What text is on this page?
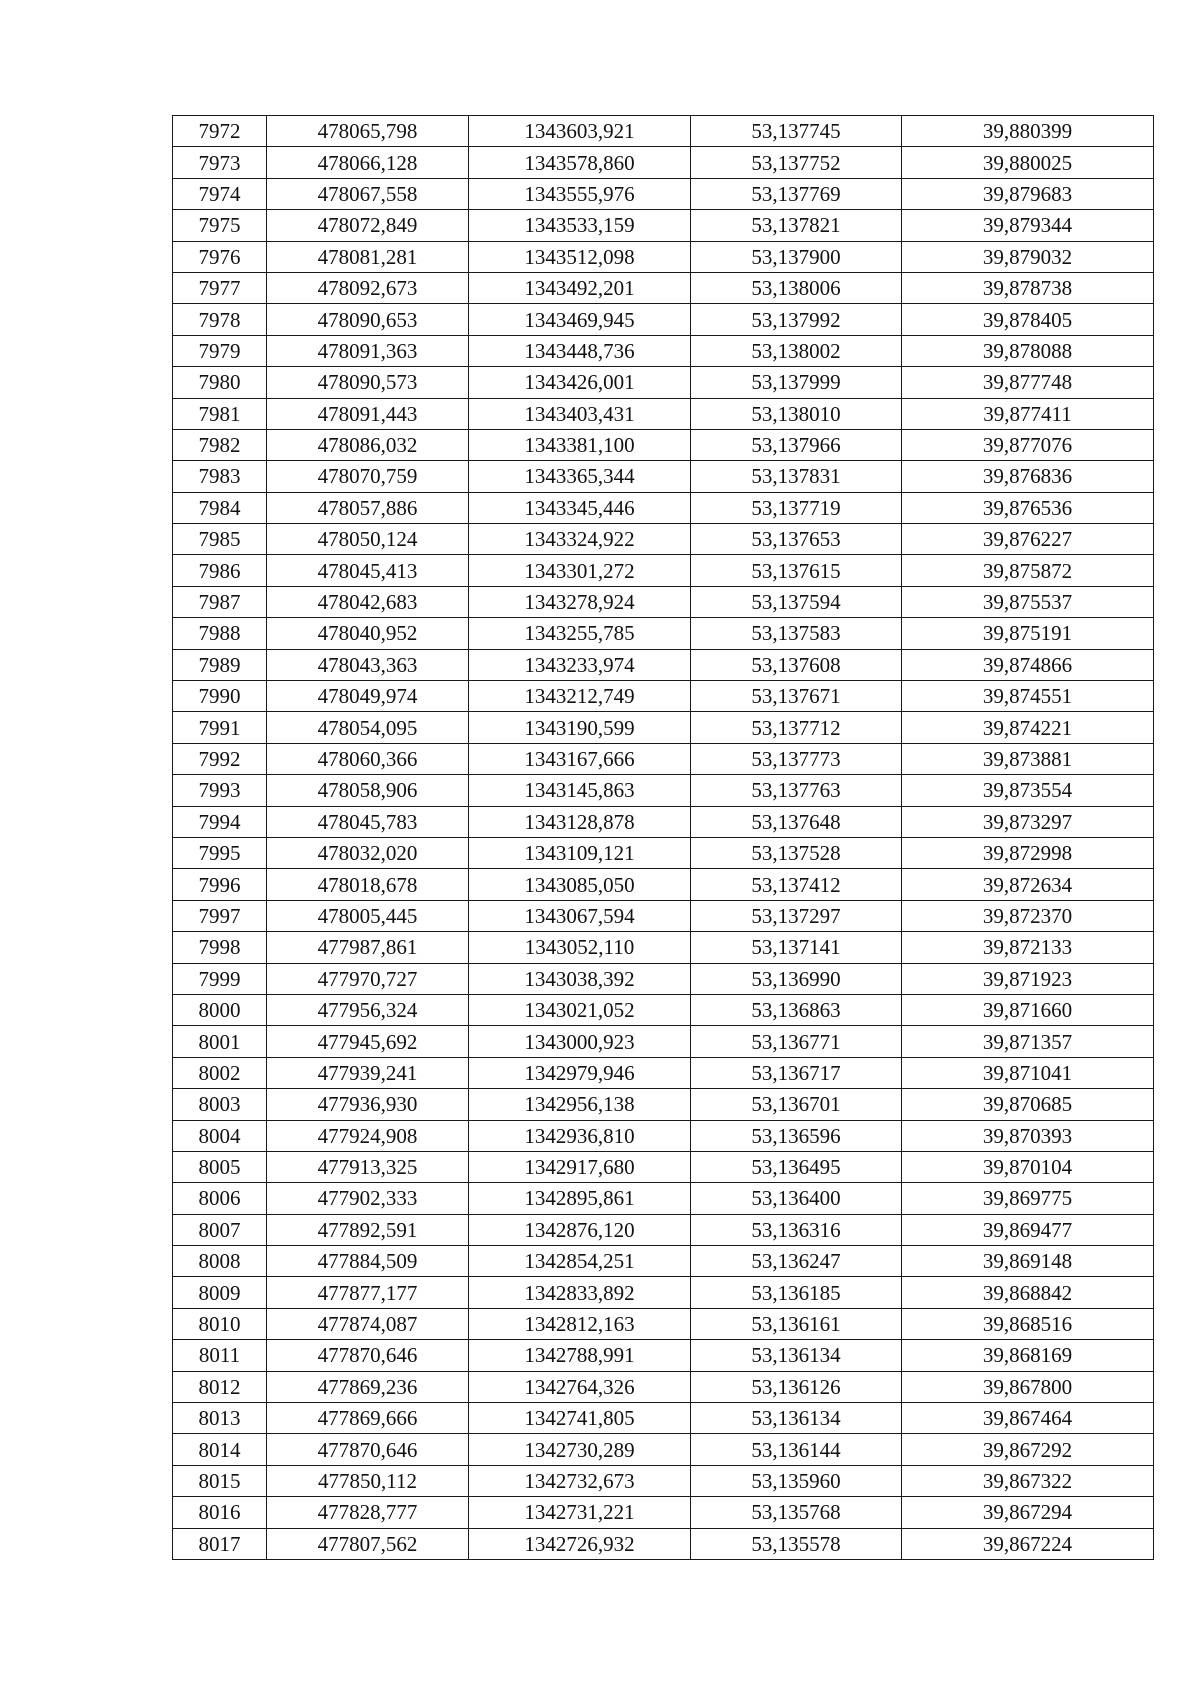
7972	478065,798	1343603,921	53,137745	39,880399
7973	478066,128	1343578,860	53,137752	39,880025
7974	478067,558	1343555,976	53,137769	39,879683
7975	478072,849	1343533,159	53,137821	39,879344
7976	478081,281	1343512,098	53,137900	39,879032
7977	478092,673	1343492,201	53,138006	39,878738
7978	478090,653	1343469,945	53,137992	39,878405
7979	478091,363	1343448,736	53,138002	39,878088
7980	478090,573	1343426,001	53,137999	39,877748
7981	478091,443	1343403,431	53,138010	39,877411
7982	478086,032	1343381,100	53,137966	39,877076
7983	478070,759	1343365,344	53,137831	39,876836
7984	478057,886	1343345,446	53,137719	39,876536
7985	478050,124	1343324,922	53,137653	39,876227
7986	478045,413	1343301,272	53,137615	39,875872
7987	478042,683	1343278,924	53,137594	39,875537
7988	478040,952	1343255,785	53,137583	39,875191
7989	478043,363	1343233,974	53,137608	39,874866
7990	478049,974	1343212,749	53,137671	39,874551
7991	478054,095	1343190,599	53,137712	39,874221
7992	478060,366	1343167,666	53,137773	39,873881
7993	478058,906	1343145,863	53,137763	39,873554
7994	478045,783	1343128,878	53,137648	39,873297
7995	478032,020	1343109,121	53,137528	39,872998
7996	478018,678	1343085,050	53,137412	39,872634
7997	478005,445	1343067,594	53,137297	39,872370
7998	477987,861	1343052,110	53,137141	39,872133
7999	477970,727	1343038,392	53,136990	39,871923
8000	477956,324	1343021,052	53,136863	39,871660
8001	477945,692	1343000,923	53,136771	39,871357
8002	477939,241	1342979,946	53,136717	39,871041
8003	477936,930	1342956,138	53,136701	39,870685
8004	477924,908	1342936,810	53,136596	39,870393
8005	477913,325	1342917,680	53,136495	39,870104
8006	477902,333	1342895,861	53,136400	39,869775
8007	477892,591	1342876,120	53,136316	39,869477
8008	477884,509	1342854,251	53,136247	39,869148
8009	477877,177	1342833,892	53,136185	39,868842
8010	477874,087	1342812,163	53,136161	39,868516
8011	477870,646	1342788,991	53,136134	39,868169
8012	477869,236	1342764,326	53,136126	39,867800
8013	477869,666	1342741,805	53,136134	39,867464
8014	477870,646	1342730,289	53,136144	39,867292
8015	477850,112	1342732,673	53,135960	39,867322
8016	477828,777	1342731,221	53,135768	39,867294
8017	477807,562	1342726,932	53,135578	39,867224
